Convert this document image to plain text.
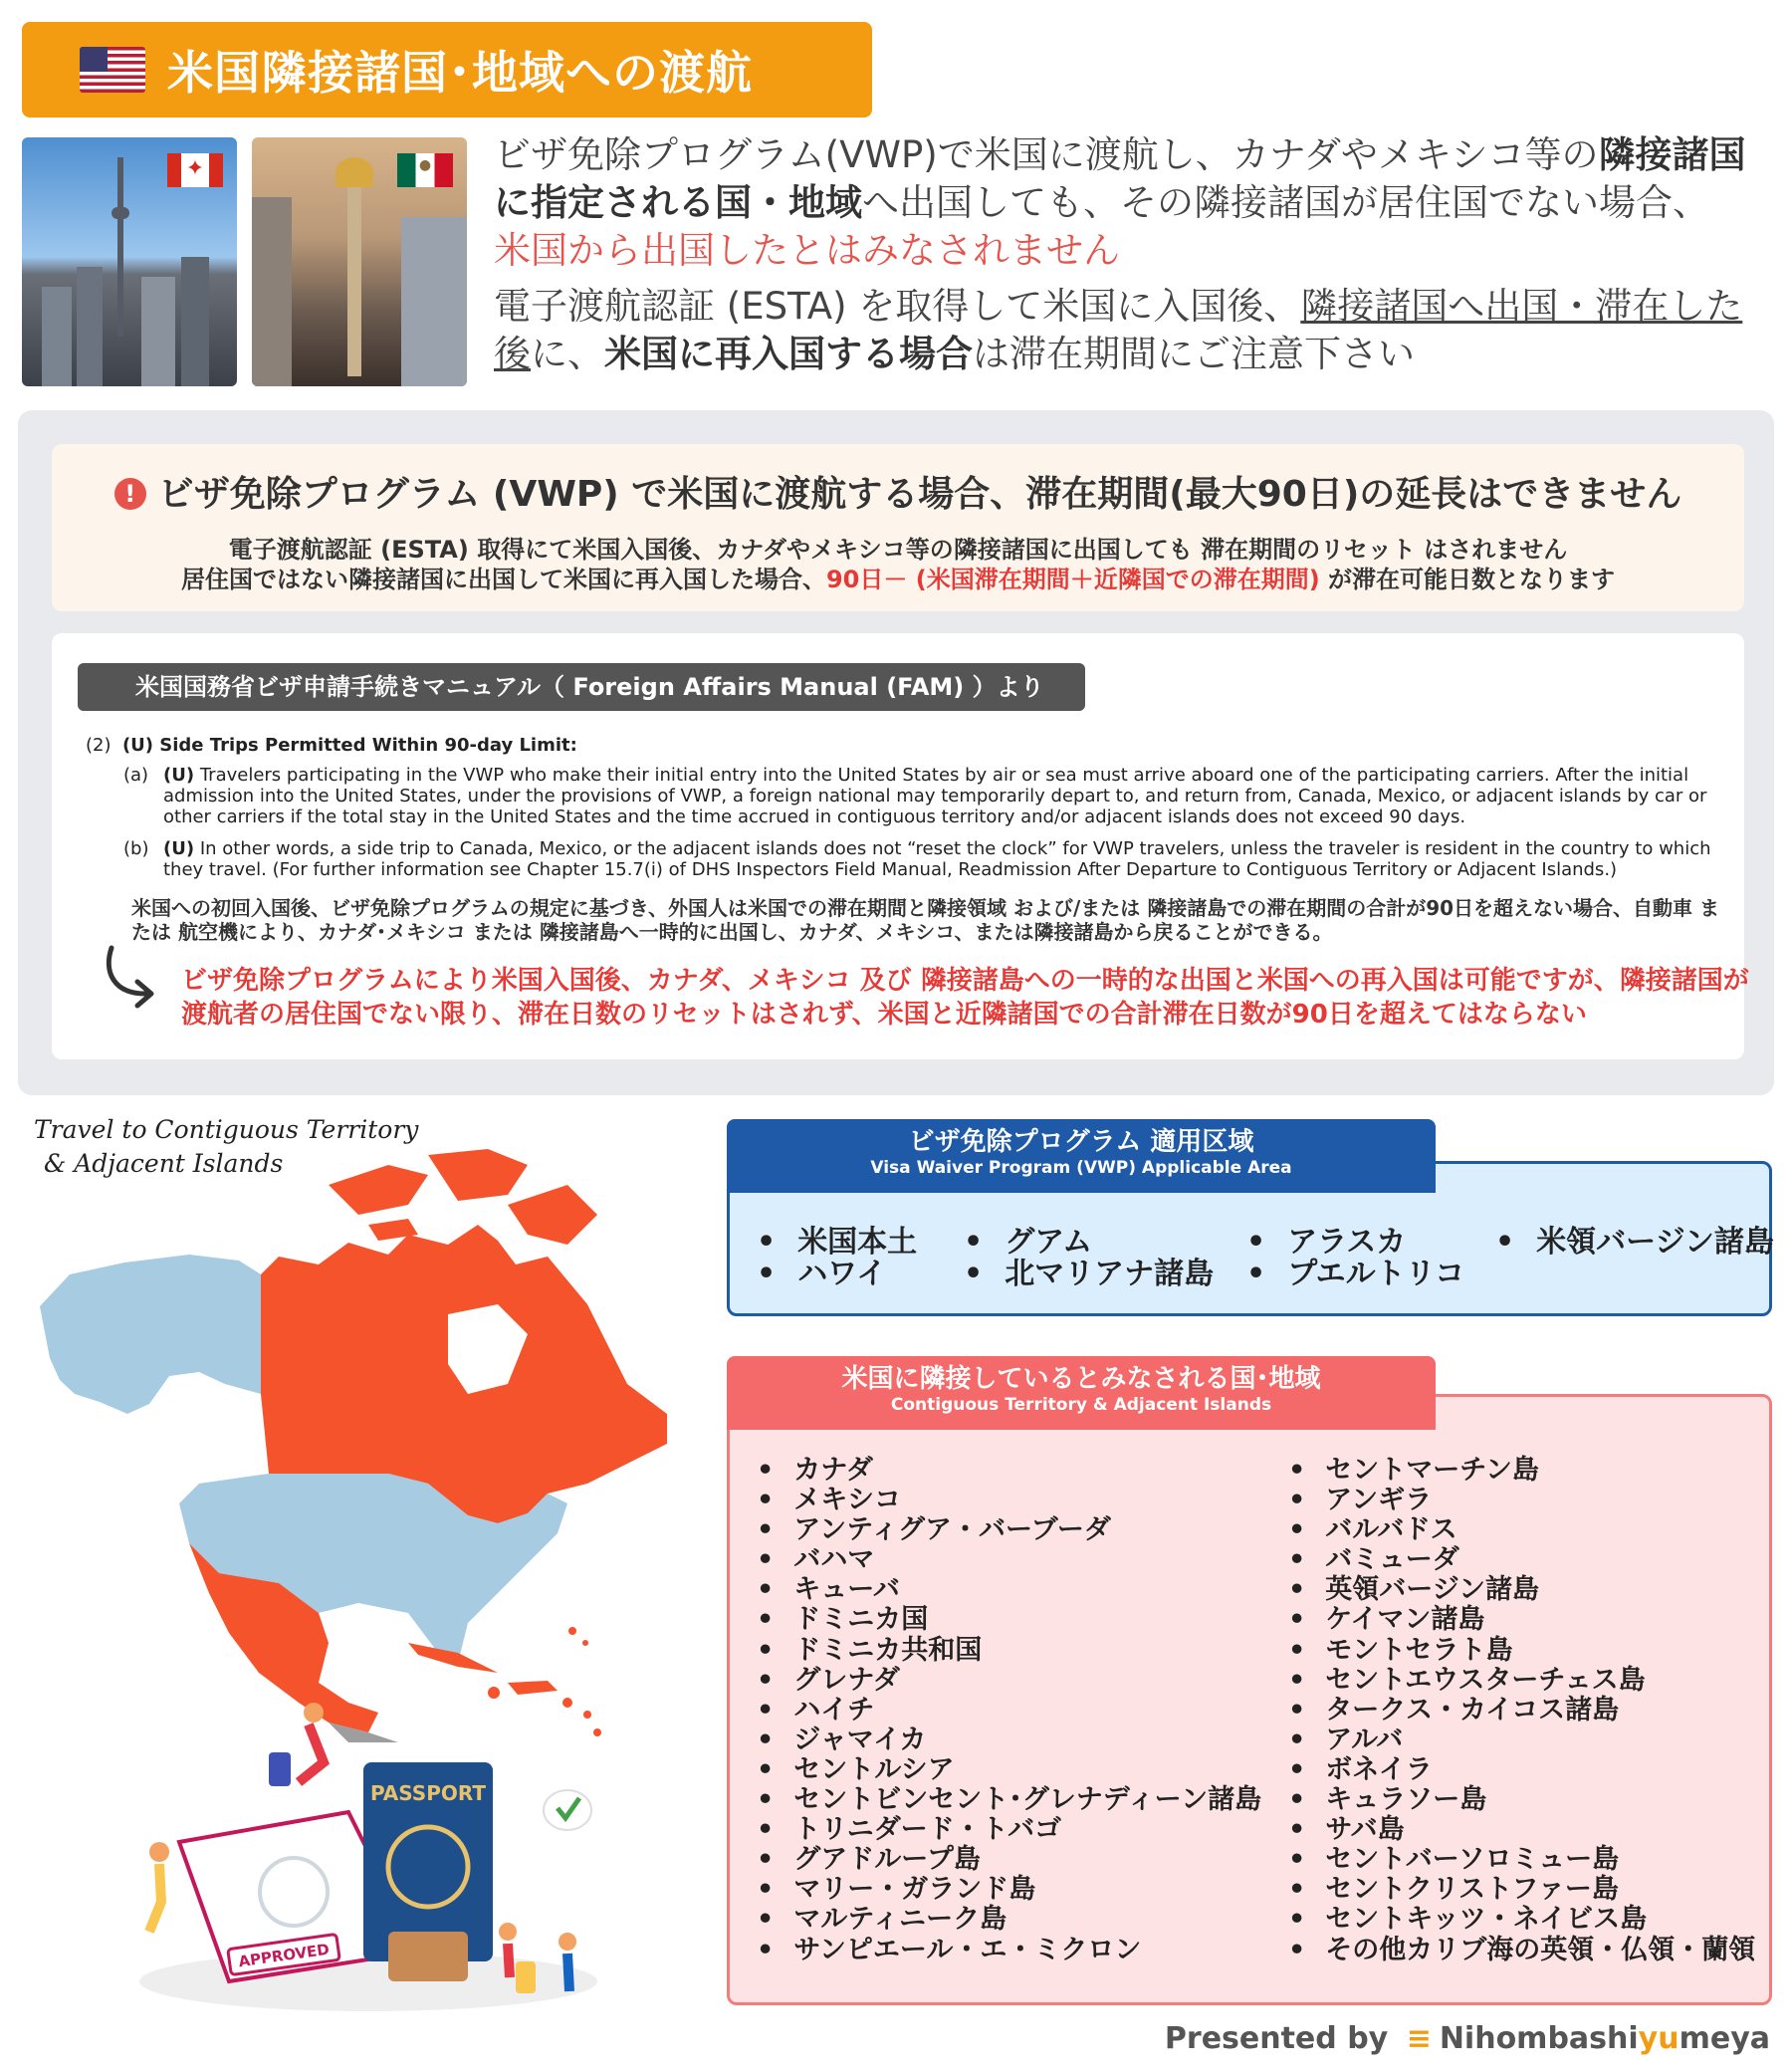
米国隣接諸国･地域への渡航
✦
●

ビザ免除プログラム(VWP)で米国に渡航し、カナダやメキシコ等の隣接諸国に指定される国・地域へ出国しても、その隣接諸国が居住国でない場合、
米国から出国したとはみなされません

電子渡航認証 (ESTA) を取得して米国に入国後、隣接諸国へ出国・滞在した後に、米国に再入国する場合は滞在期間にご注意下さい

! ビザ免除プログラム (VWP) で米国に渡航する場合、滞在期間(最大90日)の延長はできません
電子渡航認証 (ESTA) 取得にて米国入国後、カナダやメキシコ等の隣接諸国に出国しても 滞在期間のリセット はされません
居住国ではない隣接諸国に出国して米国に再入国した場合、90日－ (米国滞在期間＋近隣国での滞在期間) が滞在可能日数となります
米国国務省ビザ申請手続きマニュアル（ Foreign Affairs Manual (FAM) ）より
(2) (U) Side Trips Permitted Within 90-day Limit:
(a) (U) Travelers participating in the VWP who make their initial entry into the United States by air or sea must arrive aboard one of the participating carriers. After the initial admission into the United States, under the provisions of VWP, a foreign national may temporarily depart to, and return from, Canada, Mexico, or adjacent islands by car or other carriers if the total stay in the United States and the time accrued in contiguous territory and/or adjacent islands does not exceed 90 days.
(b) (U) In other words, a side trip to Canada, Mexico, or the adjacent islands does not “reset the clock” for VWP travelers, unless the traveler is resident in the country to which they travel. (For further information see Chapter 15.7(i) of DHS Inspectors Field Manual, Readmission After Departure to Contiguous Territory or Adjacent Islands.)
米国への初回入国後、ビザ免除プログラムの規定に基づき、外国人は米国での滞在期間と隣接領域 および/または 隣接諸島での滞在期間の合計が90日を超えない場合、自動車 または 航空機により、カナダ･メキシコ または 隣接諸島へ一時的に出国し、カナダ、メキシコ、または隣接諸島から戻ることができる。
ビザ免除プログラムにより米国入国後、カナダ、メキシコ 及び 隣接諸島への一時的な出国と米国への再入国は可能ですが、隣接諸国が渡航者の居住国でない限り、滞在日数のリセットはされず、米国と近隣諸国での合計滞在日数が90日を超えてはならない
Travel to Contiguous Territory
& Adjacent Islands
PASSPORT
APPROVED
ビザ免除プログラム 適用区域
Visa Waiver Program (VWP) Applicable Area
• 米国本土
• ハワイ
• グアム
• 北マリアナ諸島
• アラスカ
• プエルトリコ
• 米領バージン諸島
米国に隣接しているとみなされる国･地域
Contiguous Territory & Adjacent Islands
• カナダ
• メキシコ
• アンティグア・バーブーダ
• バハマ
• キューバ
• ドミニカ国
• ドミニカ共和国
• グレナダ
• ハイチ
• ジャマイカ
• セントルシア
• セントビンセント･グレナディーン諸島
• トリニダード・トバゴ
• グアドループ島
• マリー・ガランド島
• マルティニーク島
• サンピエール・エ・ミクロン
• セントマーチン島
• アンギラ
• バルバドス
• バミューダ
• 英領バージン諸島
• ケイマン諸島
• モントセラト島
• セントエウスターチェス島
• タークス・カイコス諸島
• アルバ
• ボネイラ
• キュラソー島
• サバ島
• セントバーソロミュー島
• セントクリストファー島
• セントキッツ・ネイビス島
• その他カリブ海の英領・仏領・蘭領
Presented by ≡ Nihombashiyumeya
